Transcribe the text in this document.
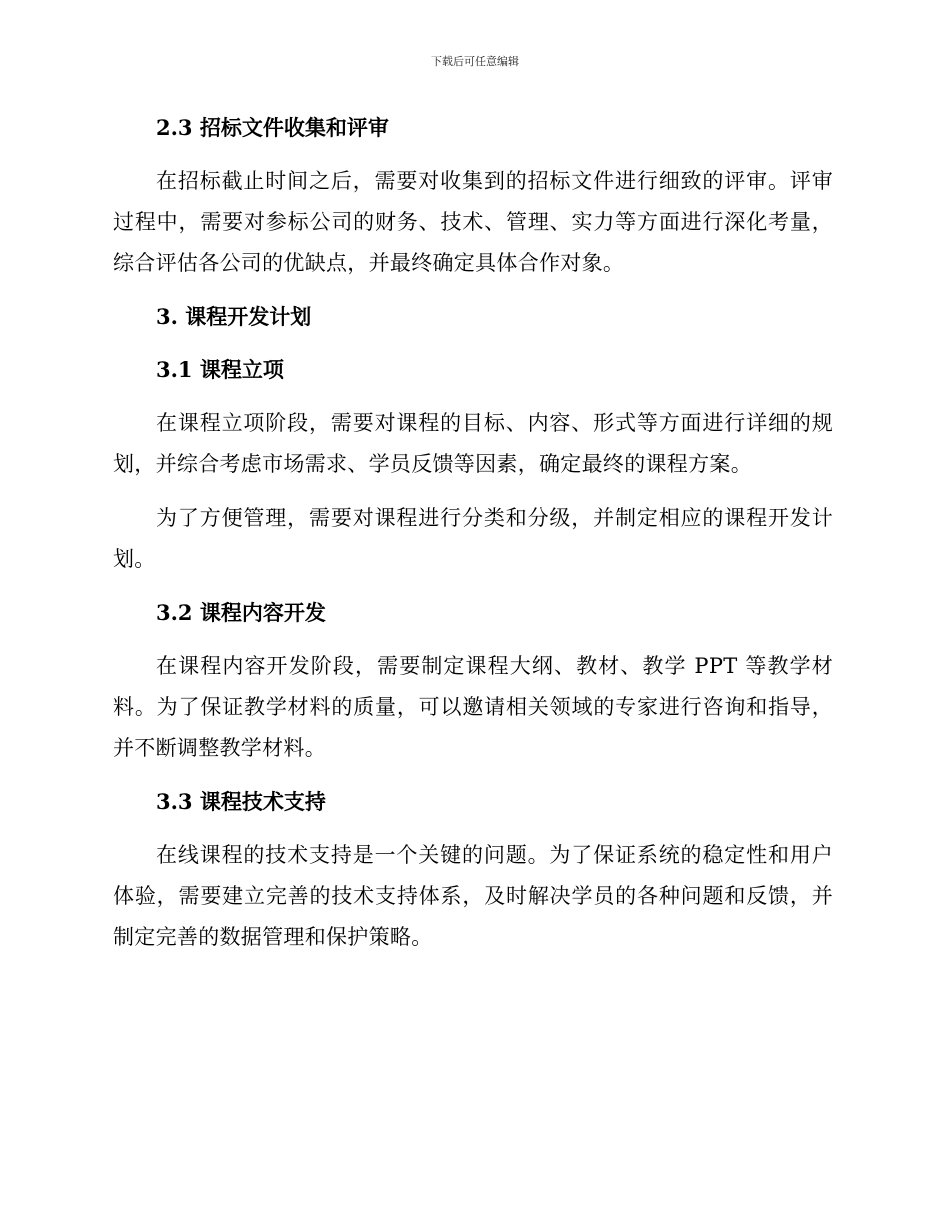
下载后可任意编辑
2.3 招标文件收集和评审

在招标截止时间之后，需要对收集到的招标文件进行细致的评审。评审过程中，需要对参标公司的财务、技术、管理、实力等方面进行深化考量，综合评估各公司的优缺点，并最终确定具体合作对象。

3. 课程开发计划
3.1 课程立项

在课程立项阶段，需要对课程的目标、内容、形式等方面进行详细的规划，并综合考虑市场需求、学员反馈等因素，确定最终的课程方案。

为了方便管理，需要对课程进行分类和分级，并制定相应的课程开发计划。

3.2 课程内容开发

在课程内容开发阶段，需要制定课程大纲、教材、教学 PPT 等教学材料。为了保证教学材料的质量，可以邀请相关领域的专家进行咨询和指导，并不断调整教学材料。

3.3 课程技术支持

在线课程的技术支持是一个关键的问题。为了保证系统的稳定性和用户体验，需要建立完善的技术支持体系，及时解决学员的各种问题和反馈，并制定完善的数据管理和保护策略。
